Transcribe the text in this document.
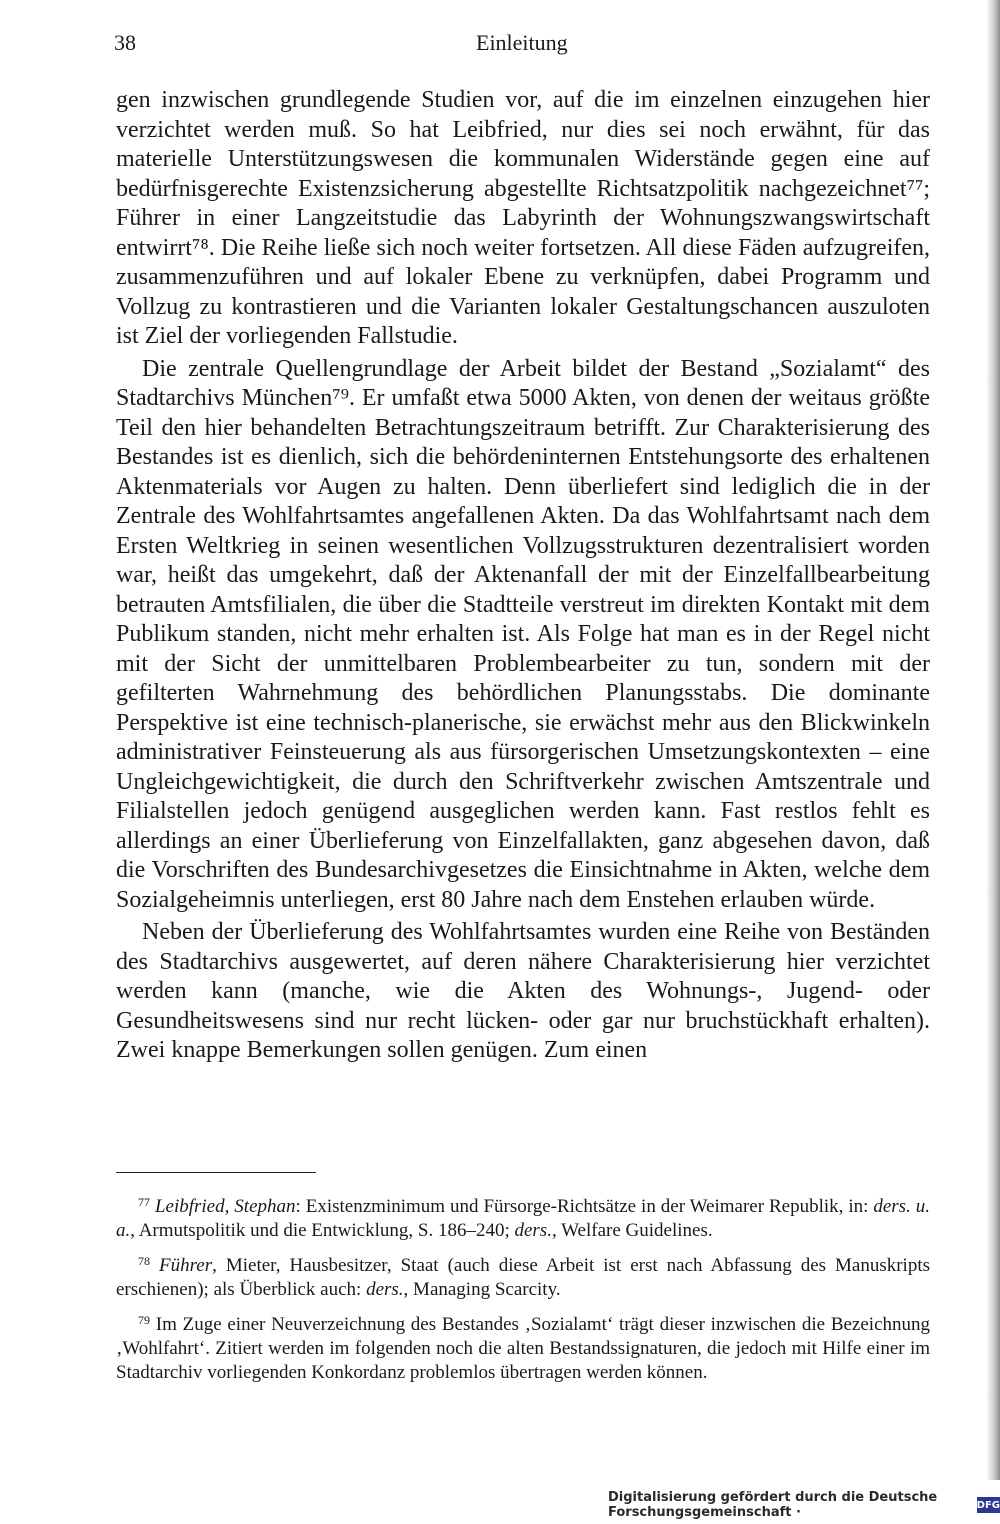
38	Einleitung

gen inzwischen grundlegende Studien vor, auf die im einzelnen einzugehen hier verzichtet werden muß. So hat Leibfried, nur dies sei noch erwähnt, für das materielle Unterstützungswesen die kommunalen Widerstände gegen eine auf bedürfnisgerechte Existenzsicherung abgestellte Richtsatzpolitik nachgezeichnet⁷⁷; Führer in einer Langzeitstudie das Labyrinth der Wohnungszwangswirtschaft entwirrt⁷⁸. Die Reihe ließe sich noch weiter fortsetzen. All diese Fäden aufzugreifen, zusammenzuführen und auf lokaler Ebene zu verknüpfen, dabei Programm und Vollzug zu kontrastieren und die Varianten lokaler Gestaltungschancen auszuloten ist Ziel der vorliegenden Fallstudie.

Die zentrale Quellengrundlage der Arbeit bildet der Bestand „Sozialamt“ des Stadtarchivs München⁷⁹. Er umfaßt etwa 5000 Akten, von denen der weitaus größte Teil den hier behandelten Betrachtungszeitraum betrifft. Zur Charakterisierung des Bestandes ist es dienlich, sich die behördeninternen Entstehungsorte des erhaltenen Aktenmaterials vor Augen zu halten. Denn überliefert sind lediglich die in der Zentrale des Wohlfahrtsamtes angefallenen Akten. Da das Wohlfahrtsamt nach dem Ersten Weltkrieg in seinen wesentlichen Vollzugsstrukturen dezentralisiert worden war, heißt das umgekehrt, daß der Aktenanfall der mit der Einzelfallbearbeitung betrauten Amtsfilialen, die über die Stadtteile verstreut im direkten Kontakt mit dem Publikum standen, nicht mehr erhalten ist. Als Folge hat man es in der Regel nicht mit der Sicht der unmittelbaren Problembearbeiter zu tun, sondern mit der gefilterten Wahrnehmung des behördlichen Planungsstabs. Die dominante Perspektive ist eine technisch-planerische, sie erwächst mehr aus den Blickwinkeln administrativer Feinsteuerung als aus fürsorgerischen Umsetzungskontexten – eine Ungleichgewichtigkeit, die durch den Schriftverkehr zwischen Amtszentrale und Filialstellen jedoch genügend ausgeglichen werden kann. Fast restlos fehlt es allerdings an einer Überlieferung von Einzelfallakten, ganz abgesehen davon, daß die Vorschriften des Bundesarchivgesetzes die Einsichtnahme in Akten, welche dem Sozialgeheimnis unterliegen, erst 80 Jahre nach dem Enstehen erlauben würde.

Neben der Überlieferung des Wohlfahrtsamtes wurden eine Reihe von Beständen des Stadtarchivs ausgewertet, auf deren nähere Charakterisierung hier verzichtet werden kann (manche, wie die Akten des Wohnungs-, Jugend- oder Gesundheitswesens sind nur recht lücken- oder gar nur bruchstückhaft erhalten). Zwei knappe Bemerkungen sollen genügen. Zum einen

$^{77}$ Leibfried, Stephan: Existenzminimum und Fürsorge-Richtsätze in der Weimarer Republik, in: ders. u. a., Armutspolitik und die Entwicklung, S. 186–240; ders., Welfare Guidelines.

$^{78}$ Führer, Mieter, Hausbesitzer, Staat (auch diese Arbeit ist erst nach Abfassung des Manuskripts erschienen); als Überblick auch: ders., Managing Scarcity.

$^{79}$ Im Zuge einer Neuverzeichnung des Bestandes ‚Sozialamt‘ trägt dieser inzwischen die Bezeichnung ‚Wohlfahrt‘. Zitiert werden im folgenden noch die alten Bestandssignaturen, die jedoch mit Hilfe einer im Stadtarchiv vorliegenden Konkordanz problemlos übertragen werden können.

Digitalisierung gefördert durch die Deutsche Forschungsgemeinschaft ·	DFG
